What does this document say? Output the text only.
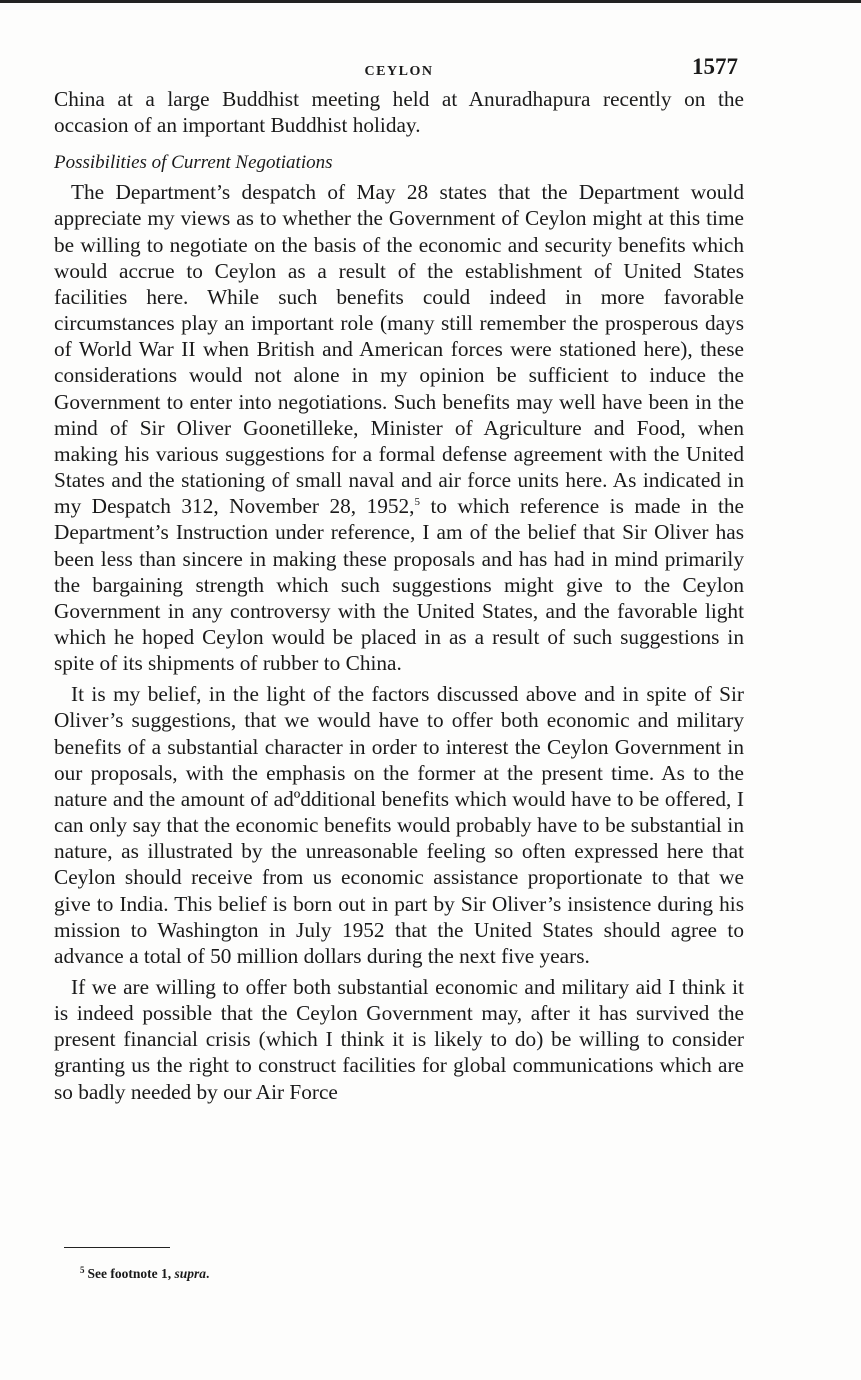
CEYLON	1577

China at a large Buddhist meeting held at Anuradhapura recently on the occasion of an important Buddhist holiday.

Possibilities of Current Negotiations

The Department’s despatch of May 28 states that the Department would appreciate my views as to whether the Government of Ceylon might at this time be willing to negotiate on the basis of the economic and security benefits which would accrue to Ceylon as a result of the establishment of United States facilities here. While such benefits could indeed in more favorable circumstances play an important role (many still remember the prosperous days of World War II when British and American forces were stationed here), these considerations would not alone in my opinion be sufficient to induce the Government to enter into negotiations. Such benefits may well have been in the mind of Sir Oliver Goonetilleke, Minister of Agriculture and Food, when making his various suggestions for a formal defense agreement with the United States and the stationing of small naval and air force units here. As indicated in my Despatch 312, November 28, 1952,$^5$ to which reference is made in the Department’s Instruction under reference, I am of the belief that Sir Oliver has been less than sincere in making these proposals and has had in mind primarily the bargaining strength which such suggestions might give to the Ceylon Government in any controversy with the United States, and the favorable light which he hoped Ceylon would be placed in as a result of such suggestions in spite of its shipments of rubber to China.

It is my belief, in the light of the factors discussed above and in spite of Sir Oliver’s suggestions, that we would have to offer both economic and military benefits of a substantial character in order to interest the Ceylon Government in our proposals, with the emphasis on the former at the present time. As to the nature and the amount of adºdditional benefits which would have to be offered, I can only say that the economic benefits would probably have to be substantial in nature, as illustrated by the unreasonable feeling so often expressed here that Ceylon should receive from us economic assistance proportionate to that we give to India. This belief is born out in part by Sir Oliver’s insistence during his mission to Washington in July 1952 that the United States should agree to advance a total of 50 million dollars during the next five years.

If we are willing to offer both substantial economic and military aid I think it is indeed possible that the Ceylon Government may, after it has survived the present financial crisis (which I think it is likely to do) be willing to consider granting us the right to construct facilities for global communications which are so badly needed by our Air Force

$^5$ See footnote 1, supra.
